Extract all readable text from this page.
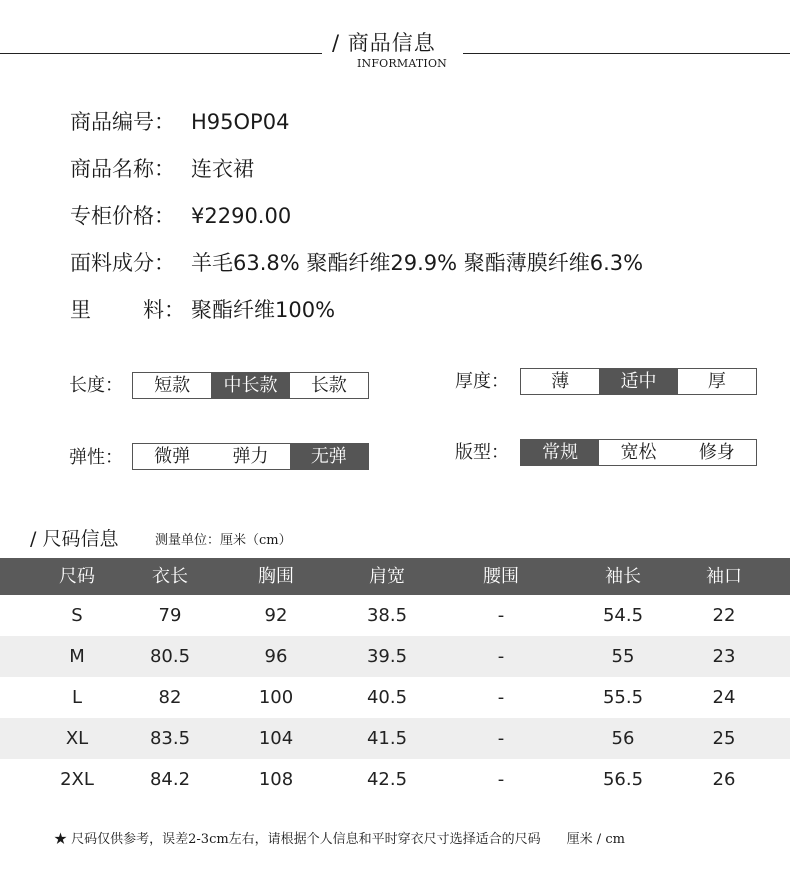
/ 商品信息
INFORMATION
商品编号： H95OP04
商品名称： 连衣裙
专柜价格： ¥2290.00
面料成分： 羊毛63.8% 聚酯纤维29.9% 聚酯薄膜纤维6.3%
里 料： 聚酯纤维100%
长度：	短款	中长款	长款	厚度：	薄	适中	厚
弹性：	微弹	弹力	无弹	版型：	常规	宽松	修身
/ 尺码信息	测量单位：厘米（cm）
尺码	衣长	胸围	肩宽	腰围	袖长	袖口
S	79	92	38.5	-	54.5	22
M	80.5	96	39.5	-	55	23
L	82	100	40.5	-	55.5	24
XL	83.5	104	41.5	-	56	25
2XL	84.2	108	42.5	-	56.5	26
★ 尺码仅供参考，误差2-3cm左右，请根据个人信息和平时穿衣尺寸选择适合的尺码　　厘米 / cm
